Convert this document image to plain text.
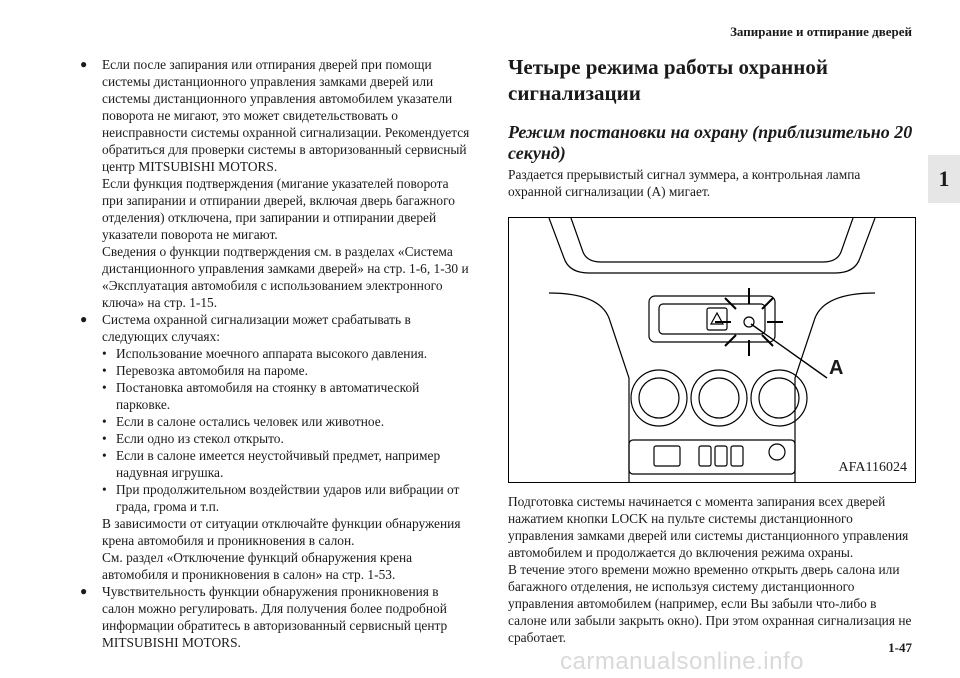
Запирание и отпирание дверей
1
●	Если после запирания или отпирания дверей при помощи системы дистанционного управления замками дверей или системы дистанционного управления автомобилем указатели поворота не мигают, это может свидетельствовать о неисправности системы охранной сигнализации. Рекомендуется обратиться для проверки системы в авторизованный сервисный центр MITSUBISHI MOTORS.

Если функция подтверждения (мигание указателей поворота при запирании и отпирании дверей, включая дверь багажного отделения) отключена, при запирании и отпирании дверей указатели поворота не мигают.

Сведения о функции подтверждения см. в разделах «Система дистанционного управления замками дверей» на стр. 1-6, 1-30 и «Эксплуатация автомобиля с использованием электронного ключа» на стр. 1-15.

●	Система охранной сигнализации может срабатывать в следующих случаях:

• Использование моечного аппарата высокого давления.
• Перевозка автомобиля на пароме.
• Постановка автомобиля на стоянку в автоматической парковке.
• Если в салоне остались человек или животное.
• Если одно из стекол открыто.
• Если в салоне имеется неустойчивый предмет, например надувная игрушка.
• При продолжительном воздействии ударов или вибрации от града, грома и т.п.

В зависимости от ситуации отключайте функции обнаружения крена автомобиля и проникновения в салон.

См. раздел «Отключение функций обнаружения крена автомобиля и проникновения в салон» на стр. 1-53.

●	Чувствительность функции обнаружения проникновения в салон можно регулировать. Для получения более подробной информации обратитесь в авторизованный сервисный центр MITSUBISHI MOTORS.

Четыре режима работы охранной сигнализации
Режим постановки на охрану (приблизительно 20 секунд)

Раздается прерывистый сигнал зуммера, а контрольная лампа охранной сигнализации (A) мигает.

A
AFA116024

Подготовка системы начинается с момента запирания всех дверей нажатием кнопки LOCK на пульте системы дистанционного управления замками дверей или системы дистанционного управления автомобилем и продолжается до включения режима охраны.

В течение этого времени можно временно открыть дверь салона или багажного отделения, не используя систему дистанционного управления автомобилем (например, если Вы забыли что-либо в салоне или забыли закрыть окно). При этом охранная сигнализация не сработает.

1-47
carmanualsonline.info
